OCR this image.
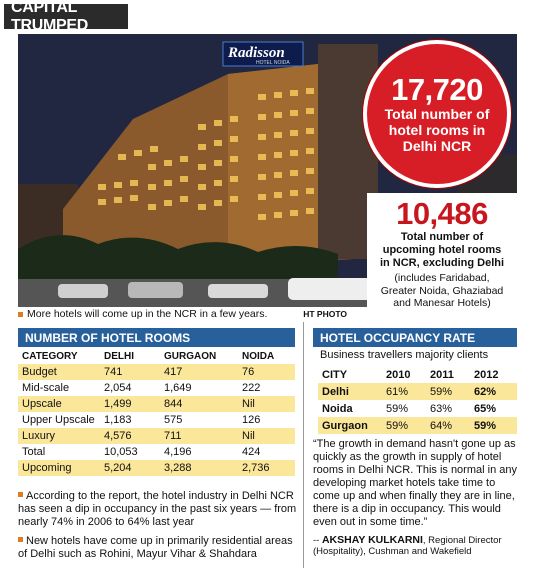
CAPITAL TRUMPED
Radisson
HOTEL NOIDA
17,720
Total number of
hotel rooms in
Delhi NCR
10,486
Total number of
upcoming hotel rooms
in NCR, excluding Delhi
(includes Faridabad,
Greater Noida, Ghaziabad
and Manesar Hotels)
More hotels will come up in the NCR in a few years.	HT PHOTO
NUMBER OF HOTEL ROOMS
CATEGORY	DELHI	GURGAON	NOIDA
Budget	741	417	76
Mid-scale	2,054	1,649	222
Upscale	1,499	844	Nil
Upper Upscale	1,183	575	126
Luxury	4,576	711	Nil
Total	10,053	4,196	424
Upcoming	5,204	3,288	2,736
According to the report, the hotel industry in Delhi NCR has seen a dip in occupancy in the past six years — from nearly 74% in 2006 to 64% last year
New hotels have come up in primarily residential areas of Delhi such as Rohini, Mayur Vihar & Shahdara
HOTEL OCCUPANCY RATE
Business travellers majority clients
CITY	2010	2011	2012
Delhi	61%	59%	62%
Noida	59%	63%	65%
Gurgaon	59%	64%	59%
“The growth in demand hasn't gone up as quickly as the growth in supply of hotel rooms in Delhi NCR. This is normal in any developing market hotels take time to come up and when finally they are in line, there is a dip in occupancy. This would even out in some time.”
-- AKSHAY KULKARNI, Regional Director (Hospitality), Cushman and Wakefield
